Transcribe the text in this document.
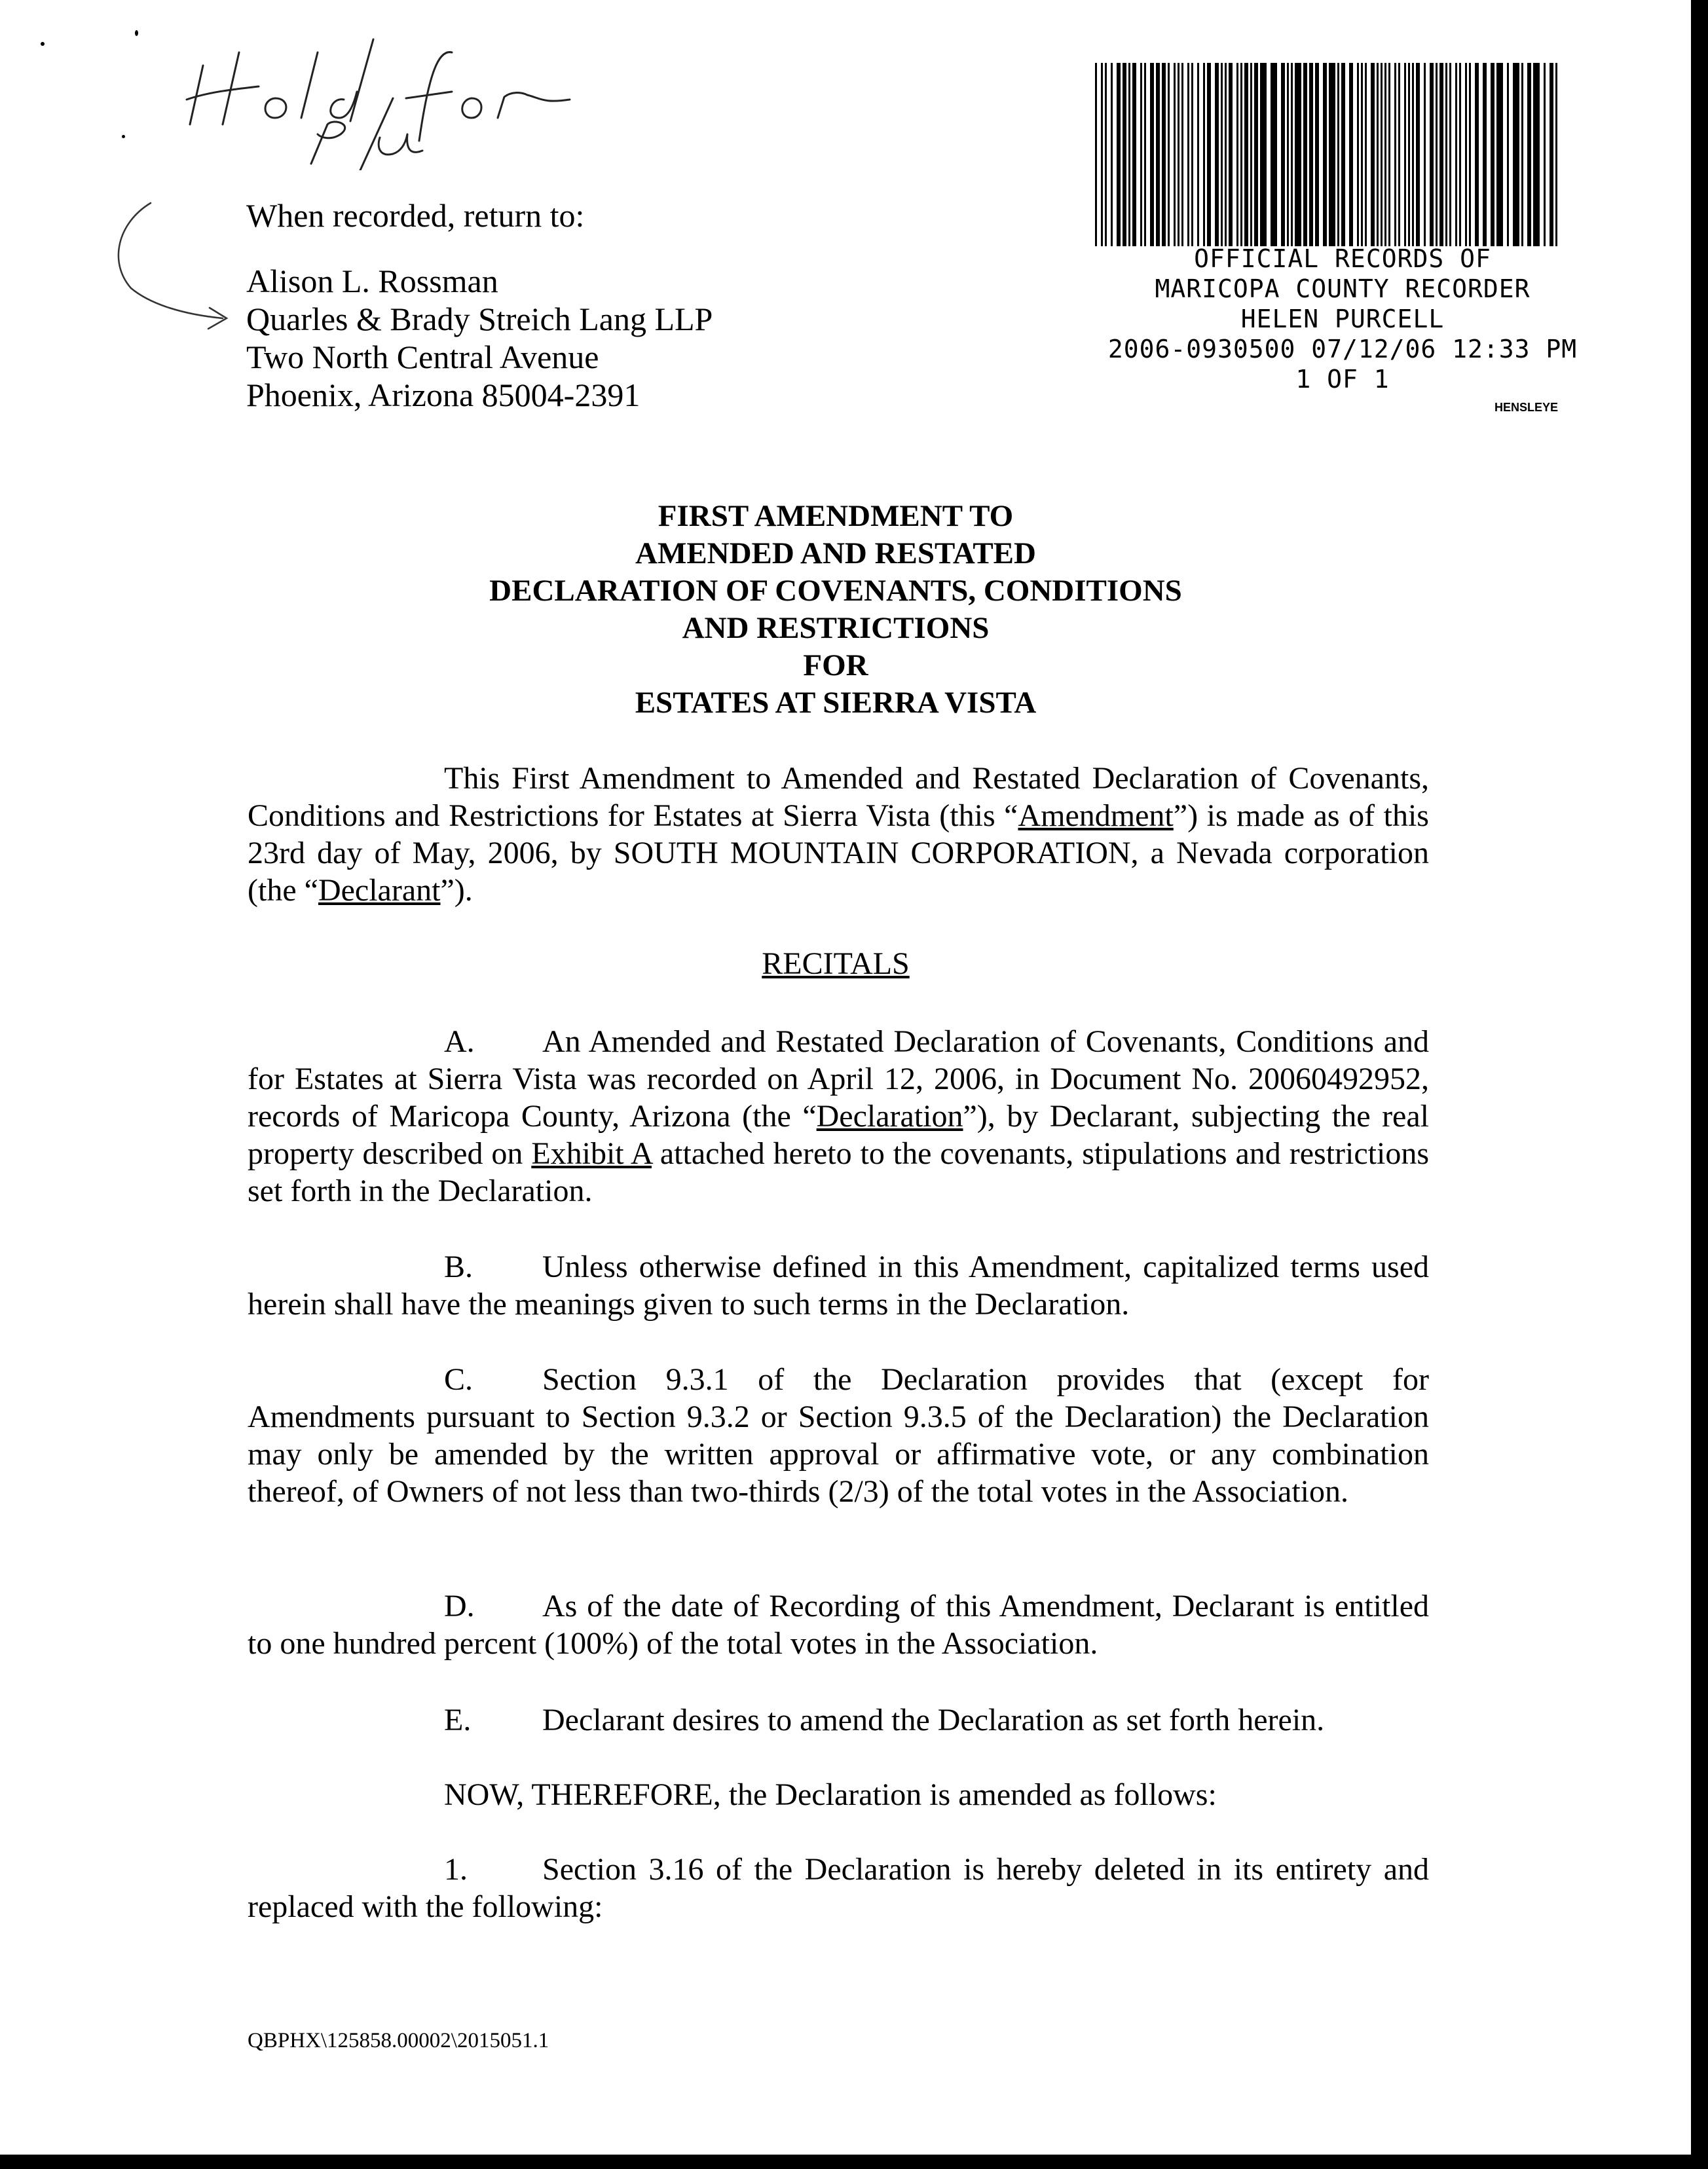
When recorded, return to:
Alison L. Rossman
Quarles & Brady Streich Lang LLP
Two North Central Avenue
Phoenix, Arizona 85004-2391
OFFICIAL RECORDS OF
MARICOPA COUNTY RECORDER
HELEN PURCELL
2006-0930500 07/12/06 12:33 PM
1 OF 1
HENSLEYE
FIRST AMENDMENT TO
AMENDED AND RESTATED
DECLARATION OF COVENANTS, CONDITIONS
AND RESTRICTIONS
FOR
ESTATES AT SIERRA VISTA
This First Amendment to Amended and Restated Declaration of Covenants, Conditions and Restrictions for Estates at Sierra Vista (this “Amendment”) is made as of this 23rd day of May, 2006, by SOUTH MOUNTAIN CORPORATION, a Nevada corporation (the “Declarant”).
RECITALS
A. An Amended and Restated Declaration of Covenants, Conditions and for Estates at Sierra Vista was recorded on April 12, 2006, in Document No. 20060492952, records of Maricopa County, Arizona (the “Declaration”), by Declarant, subjecting the real property described on Exhibit A attached hereto to the covenants, stipulations and restrictions set forth in the Declaration.
B. Unless otherwise defined in this Amendment, capitalized terms used herein shall have the meanings given to such terms in the Declaration.
C. Section 9.3.1 of the Declaration provides that (except for Amendments pursuant to Section 9.3.2 or Section 9.3.5 of the Declaration) the Declaration may only be amended by the written approval or affirmative vote, or any combination thereof, of Owners of not less than two-thirds (2/3) of the total votes in the Association.
D. As of the date of Recording of this Amendment, Declarant is entitled to one hundred percent (100%) of the total votes in the Association.
E. Declarant desires to amend the Declaration as set forth herein.
NOW, THEREFORE, the Declaration is amended as follows:
1. Section 3.16 of the Declaration is hereby deleted in its entirety and replaced with the following:
QBPHX\125858.00002\2015051.1
